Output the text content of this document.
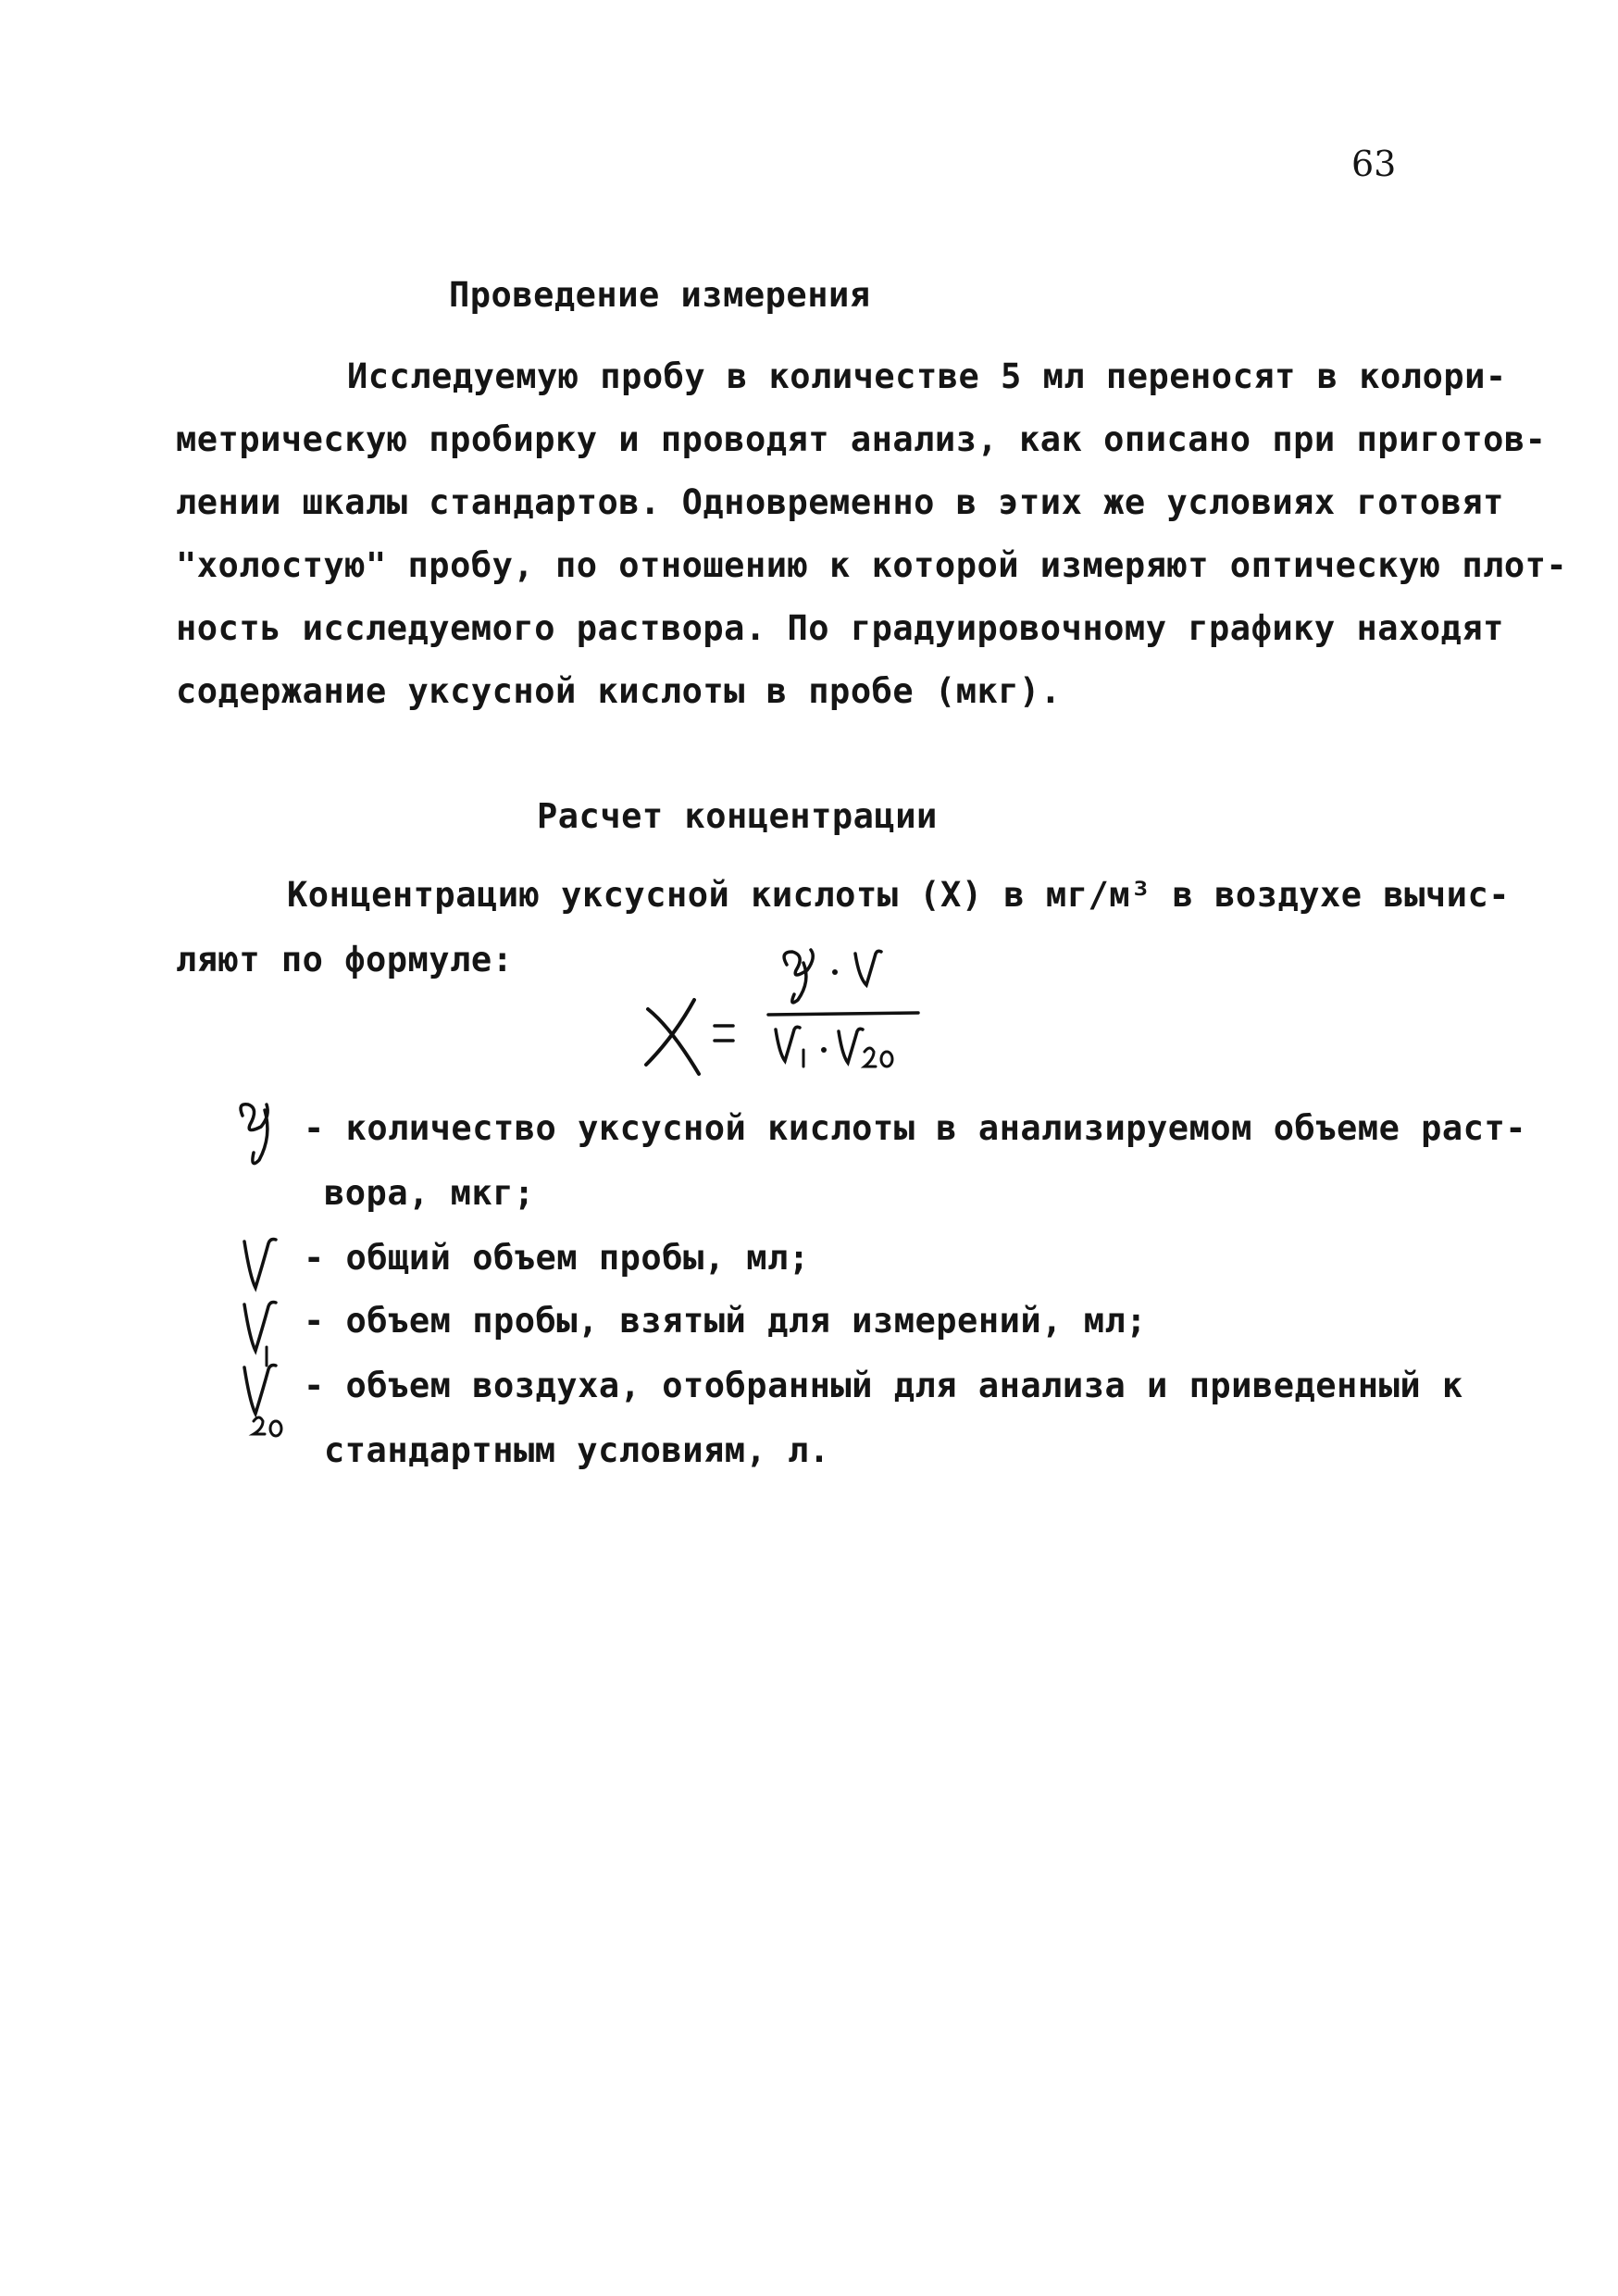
63
Проведение измерения

Исследуемую пробу в количестве 5 мл переносят в колори-

метрическую пробирку и проводят анализ, как описано при приготов-

лении шкалы стандартов. Одновременно в этих же условиях готовят

"холостую" пробу, по отношению к которой измеряют оптическую плот-

ность исследуемого раствора. По градуировочному графику находят

содержание уксусной кислоты в пробе (мкг).

Расчет концентрации

Концентрацию уксусной кислоты (X) в мг/м³ в воздухе вычис-

ляют по формуле:

- количество уксусной кислоты в анализируемом объеме раст-

вора, мкг;

- общий объем пробы, мл;

- объем пробы, взятый для измерений, мл;

- объем воздуха, отобранный для анализа и приведенный к

стандартным условиям, л.
